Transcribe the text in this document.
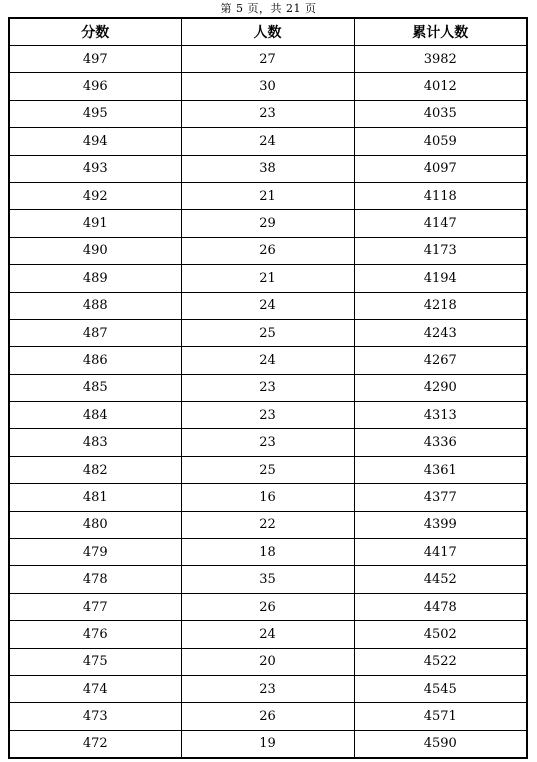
第 5 页，共 21 页
分数	人数	累计人数
497	27	3982
496	30	4012
495	23	4035
494	24	4059
493	38	4097
492	21	4118
491	29	4147
490	26	4173
489	21	4194
488	24	4218
487	25	4243
486	24	4267
485	23	4290
484	23	4313
483	23	4336
482	25	4361
481	16	4377
480	22	4399
479	18	4417
478	35	4452
477	26	4478
476	24	4502
475	20	4522
474	23	4545
473	26	4571
472	19	4590
